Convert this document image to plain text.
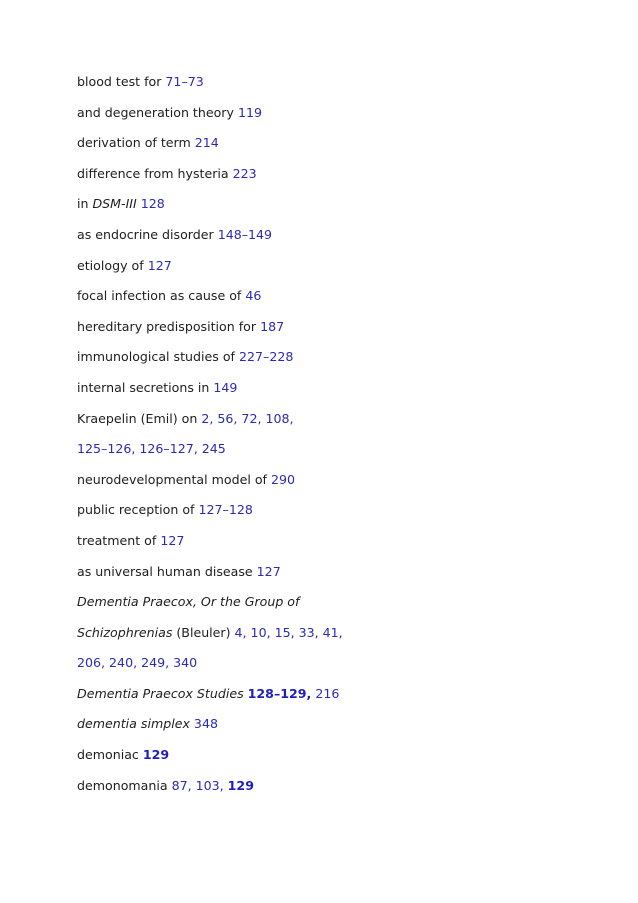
blood test for 71–73
and degeneration theory 119
derivation of term 214
difference from hysteria 223
in DSM-III 128
as endocrine disorder 148–149
etiology of 127
focal infection as cause of 46
hereditary predisposition for 187
immunological studies of 227–228
internal secretions in 149
Kraepelin (Emil) on 2, 56, 72, 108,
125–126, 126–127, 245
neurodevelopmental model of 290
public reception of 127–128
treatment of 127
as universal human disease 127
Dementia Praecox, Or the Group of
Schizophrenias (Bleuler) 4, 10, 15, 33, 41,
206, 240, 249, 340
Dementia Praecox Studies 128–129, 216
dementia simplex 348
demoniac 129
demonomania 87, 103, 129
